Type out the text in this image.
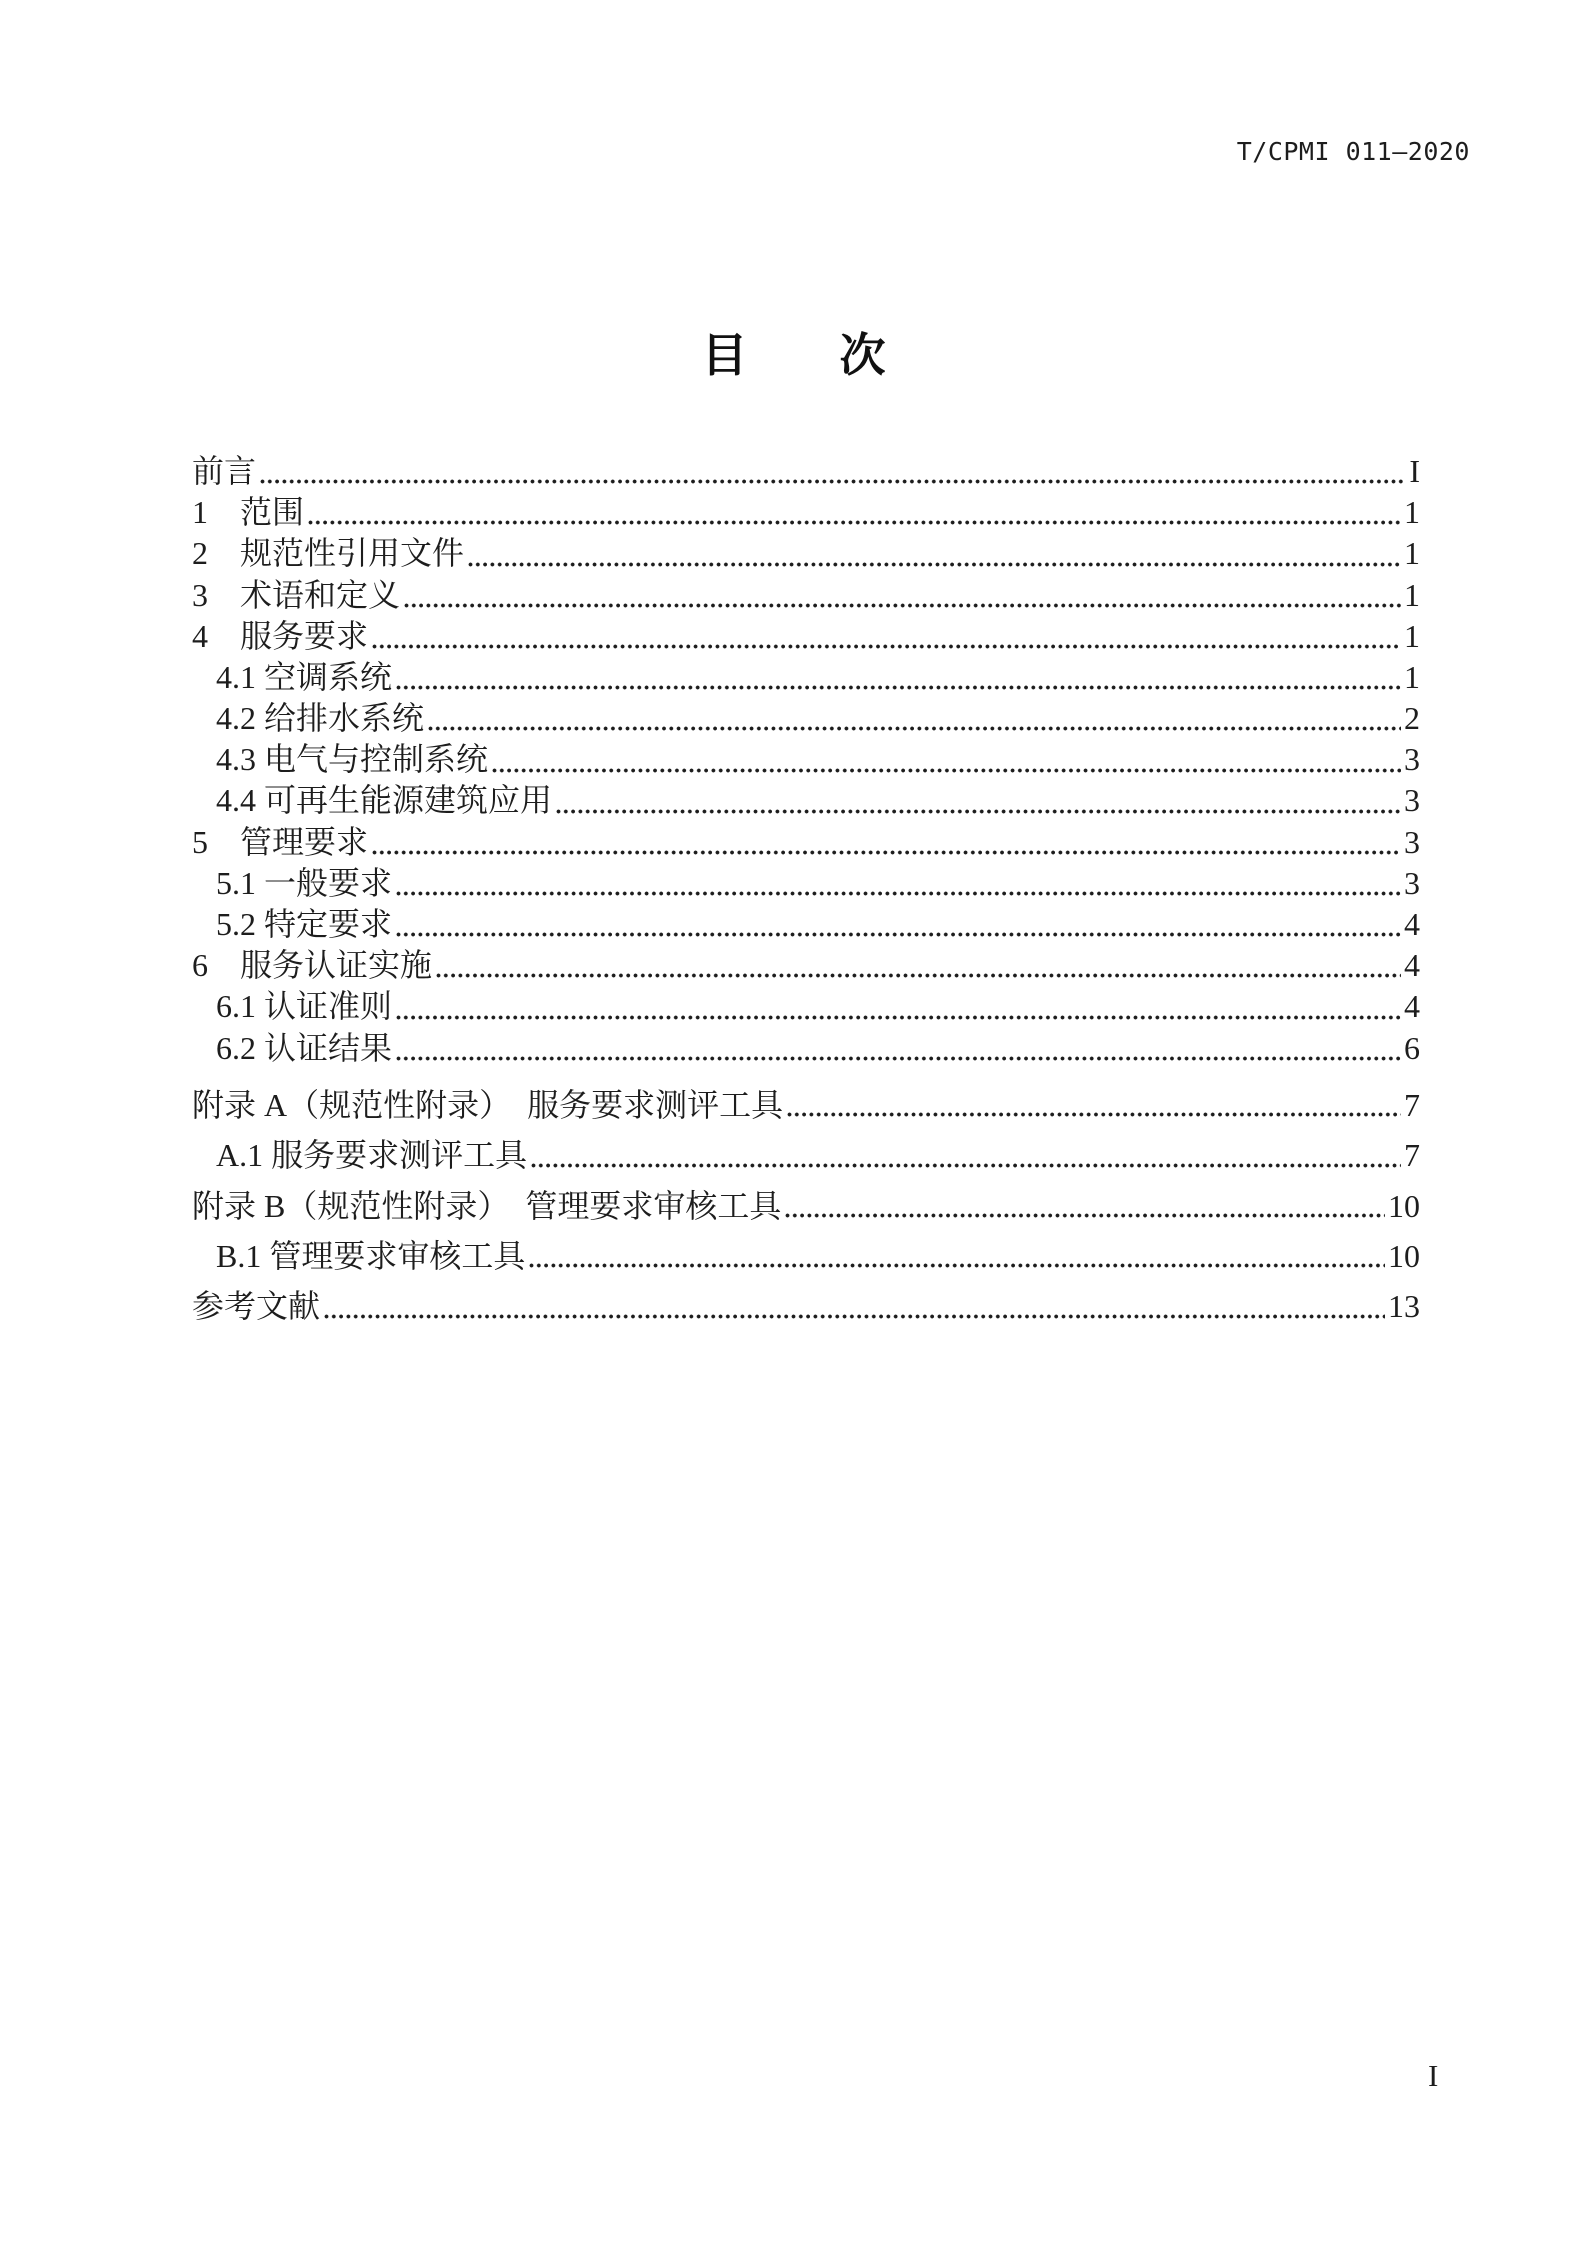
T/CPMI 011—2020
目　　次
前言	I
1　范围	1
2　规范性引用文件	1
3　术语和定义	1
4　服务要求	1
4.1 空调系统	1
4.2 给排水系统	2
4.3 电气与控制系统	3
4.4 可再生能源建筑应用	3
5　管理要求	3
5.1 一般要求	3
5.2 特定要求	4
6　服务认证实施	4
6.1 认证准则	4
6.2 认证结果	6
附录 A（规范性附录）　服务要求测评工具	7
A.1 服务要求测评工具	7
附录 B（规范性附录）　管理要求审核工具	10
B.1 管理要求审核工具	10
参考文献	13
I
